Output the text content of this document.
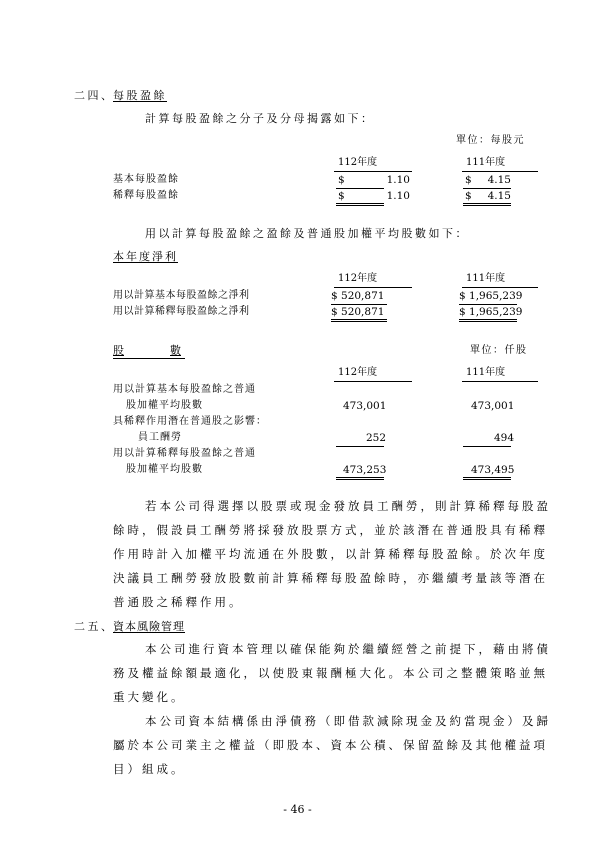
二四、
每股盈餘
計算每股盈餘之分子及分母揭露如下：
單位：每股元
112年度	111年度
基本每股盈餘	$	1.10	$ 4.15
稀釋每股盈餘	$	1.10	$ 4.15
用以計算每股盈餘之盈餘及普通股加權平均股數如下：
本年度淨利
112年度	111年度
用以計算基本每股盈餘之淨利	$ 520,871	$ 1,965,239
用以計算稀釋每股盈餘之淨利	$ 520,871	$ 1,965,239
股	數	單位：仟股
112年度	111年度
用以計算基本每股盈餘之普通
股加權平均股數	473,001	473,001
具稀釋作用潛在普通股之影響：
員工酬勞	252	494
用以計算稀釋每股盈餘之普通
股加權平均股數	473,253	473,495
若本公司得選擇以股票或現金發放員工酬勞，則計算稀釋每股盈
餘時，假設員工酬勞將採發放股票方式，並於該潛在普通股具有稀釋
作用時計入加權平均流通在外股數，以計算稀釋每股盈餘。於次年度
決議員工酬勞發放股數前計算稀釋每股盈餘時，亦繼續考量該等潛在
普通股之稀釋作用。
二五、
資本風險管理
本公司進行資本管理以確保能夠於繼續經營之前提下，藉由將債
務及權益餘額最適化，以使股東報酬極大化。本公司之整體策略並無
重大變化。
本公司資本結構係由淨債務（即借款減除現金及約當現金）及歸
屬於本公司業主之權益（即股本、資本公積、保留盈餘及其他權益項
目）組成。
- 46 -
